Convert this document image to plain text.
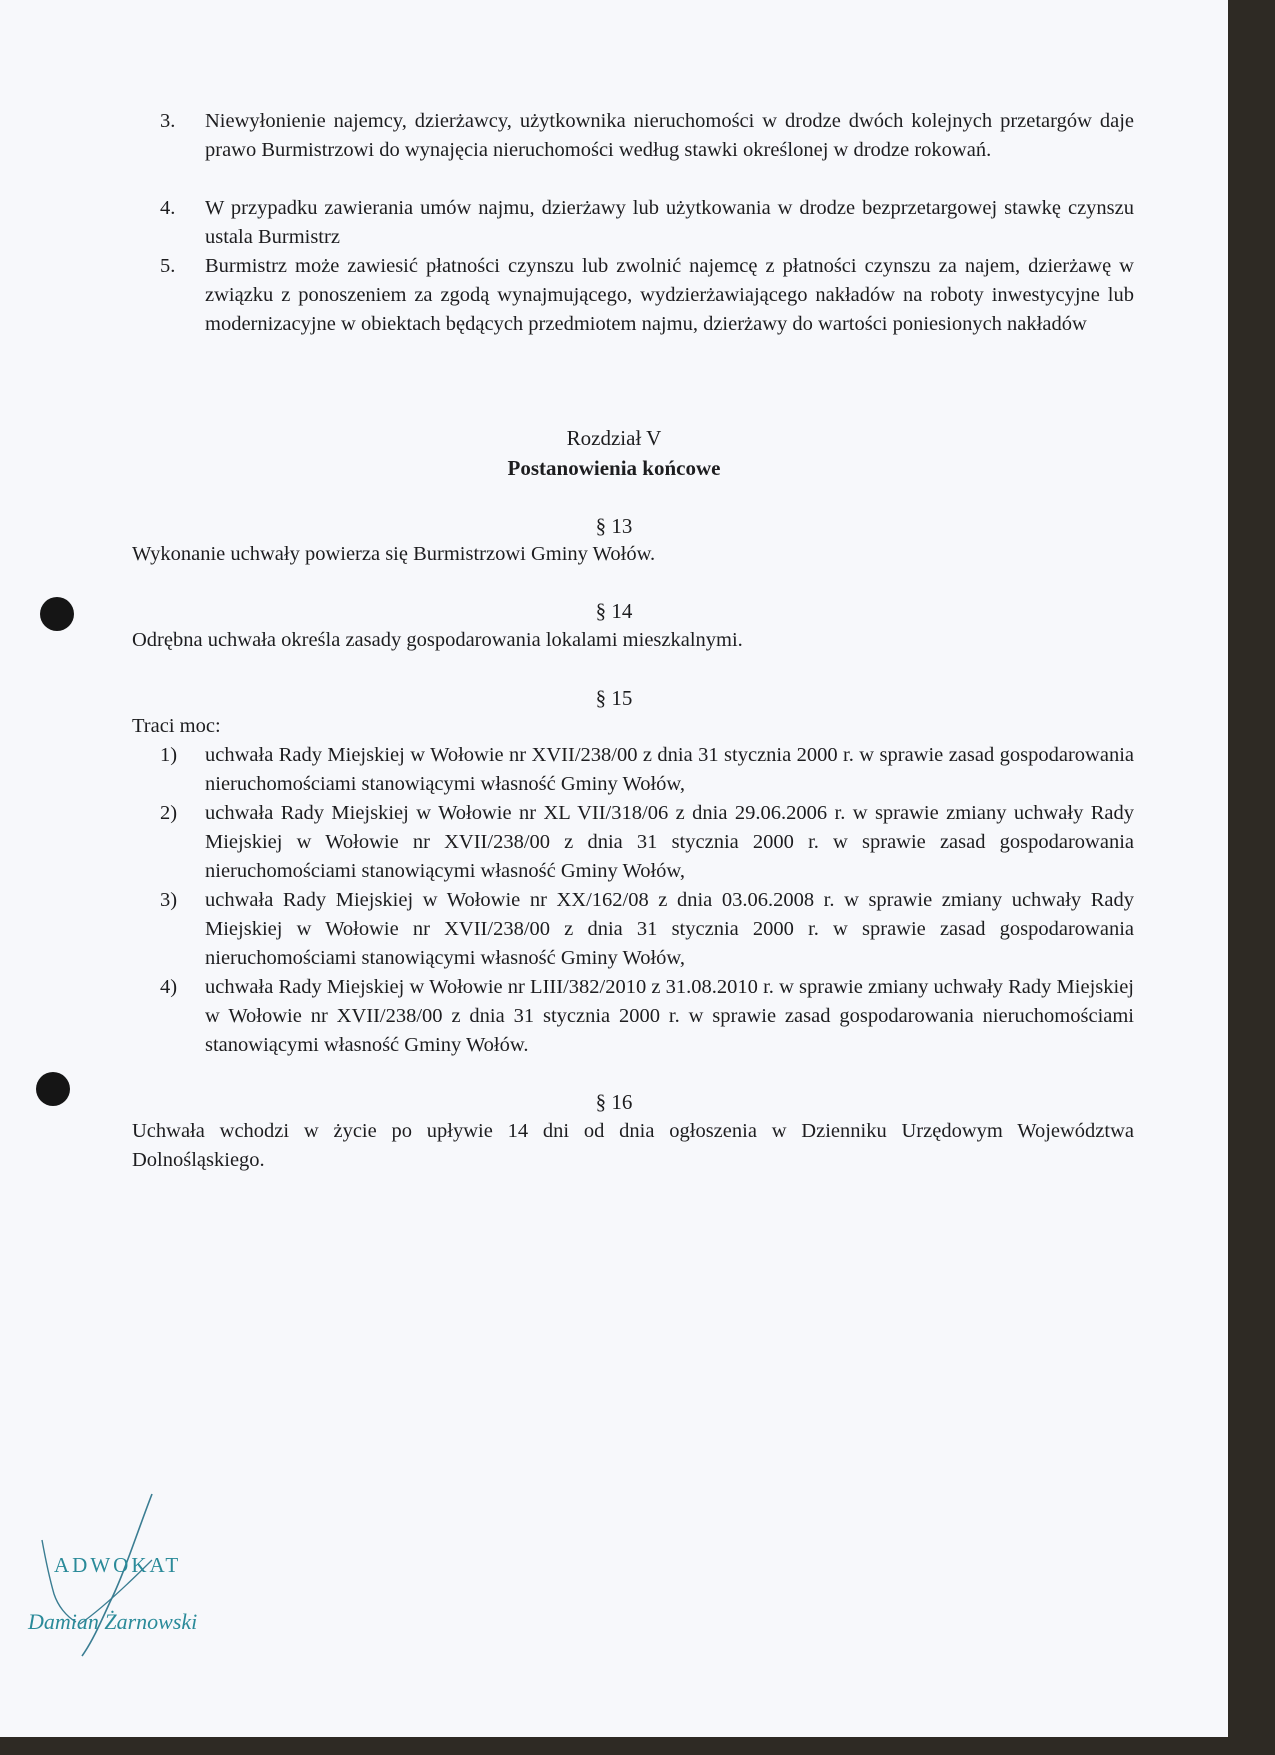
3.	Niewyłonienie najemcy, dzierżawcy, użytkownika nieruchomości w drodze dwóch kolejnych przetargów daje prawo Burmistrzowi do wynajęcia nieruchomości według stawki określonej w drodze rokowań.
4.	W przypadku zawierania umów najmu, dzierżawy lub użytkowania w drodze bezprzetargowej stawkę czynszu ustala Burmistrz
5.	Burmistrz może zawiesić płatności czynszu lub zwolnić najemcę z płatności czynszu za najem, dzierżawę w związku z ponoszeniem za zgodą wynajmującego, wydzierżawiającego nakładów na roboty inwestycyjne lub modernizacyjne w obiektach będących przedmiotem najmu, dzierżawy do wartości poniesionych nakładów
Rozdział V
Postanowienia końcowe
§ 13
Wykonanie uchwały powierza się Burmistrzowi Gminy Wołów.
§ 14
Odrębna uchwała określa zasady gospodarowania lokalami mieszkalnymi.
§ 15
Traci moc:
1) uchwała Rady Miejskiej w Wołowie nr XVII/238/00 z dnia 31 stycznia 2000 r. w sprawie zasad gospodarowania nieruchomościami stanowiącymi własność Gminy Wołów,
2) uchwała Rady Miejskiej w Wołowie nr XL VII/318/06 z dnia 29.06.2006 r. w sprawie zmiany uchwały Rady Miejskiej w Wołowie nr XVII/238/00 z dnia 31 stycznia 2000 r. w sprawie zasad gospodarowania nieruchomościami stanowiącymi własność Gminy Wołów,
3) uchwała Rady Miejskiej w Wołowie nr XX/162/08 z dnia 03.06.2008 r. w sprawie zmiany uchwały Rady Miejskiej w Wołowie nr XVII/238/00 z dnia 31 stycznia 2000 r. w sprawie zasad gospodarowania nieruchomościami stanowiącymi własność Gminy Wołów,
4) uchwała Rady Miejskiej w Wołowie nr LIII/382/2010 z 31.08.2010 r. w sprawie zmiany uchwały Rady Miejskiej w Wołowie nr XVII/238/00 z dnia 31 stycznia 2000 r. w sprawie zasad gospodarowania nieruchomościami stanowiącymi własność Gminy Wołów.
§ 16
Uchwała wchodzi w życie po upływie 14 dni od dnia ogłoszenia w Dzienniku Urzędowym Województwa Dolnośląskiego.
ADWOKAT
Damian Żarnowski
